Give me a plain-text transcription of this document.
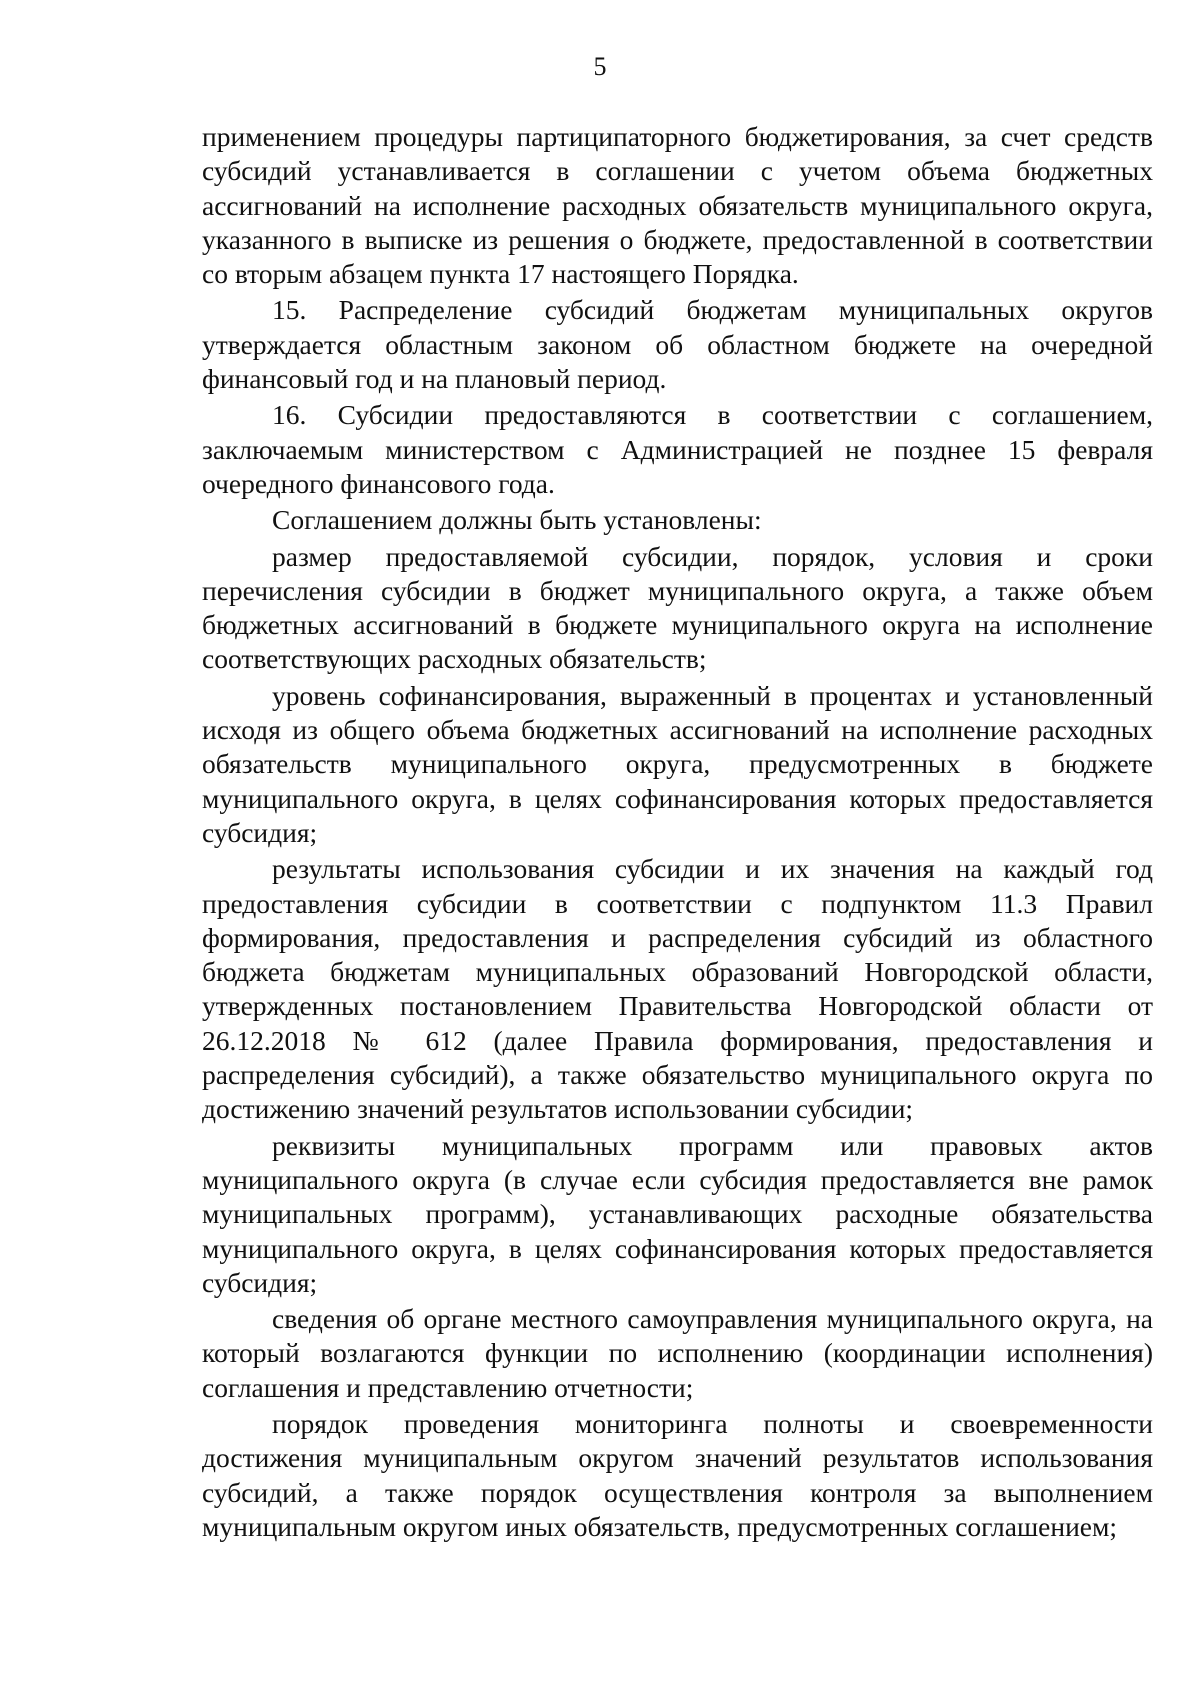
5

применением процедуры партиципаторного бюджетирования, за счет средств субсидий устанавливается в соглашении с учетом объема бюджетных ассигнований на исполнение расходных обязательств муниципального округа, указанного в выписке из решения о бюджете, предоставленной в соответствии со вторым абзацем пункта 17 настоящего Порядка.

15. Распределение субсидий бюджетам муниципальных округов утверждается областным законом об областном бюджете на очередной финансовый год и на плановый период.

16. Субсидии предоставляются в соответствии с соглашением, заключаемым министерством с Администрацией не позднее 15 февраля очередного финансового года.

Соглашением должны быть установлены:

размер предоставляемой субсидии, порядок, условия и сроки перечисления субсидии в бюджет муниципального округа, а также объем бюджетных ассигнований в бюджете муниципального округа на исполнение соответствующих расходных обязательств;

уровень софинансирования, выраженный в процентах и установленный исходя из общего объема бюджетных ассигнований на исполнение расходных обязательств муниципального округа, предусмотренных в бюджете муниципального округа, в целях софинансирования которых предоставляется субсидия;

результаты использования субсидии и их значения на каждый год предоставления субсидии в соответствии с подпунктом 11.3 Правил формирования, предоставления и распределения субсидий из областного бюджета бюджетам муниципальных образований Новгородской области, утвержденных постановлением Правительства Новгородской области от 26.12.2018 № 612 (далее Правила формирования, предоставления и распределения субсидий), а также обязательство муниципального округа по достижению значений результатов использовании субсидии;

реквизиты муниципальных программ или правовых актов муниципального округа (в случае если субсидия предоставляется вне рамок муниципальных программ), устанавливающих расходные обязательства муниципального округа, в целях софинансирования которых предоставляется субсидия;

сведения об органе местного самоуправления муниципального округа, на который возлагаются функции по исполнению (координации исполнения) соглашения и представлению отчетности;

порядок проведения мониторинга полноты и своевременности достижения муниципальным округом значений результатов использования субсидий, а также порядок осуществления контроля за выполнением муниципальным округом иных обязательств, предусмотренных соглашением;
